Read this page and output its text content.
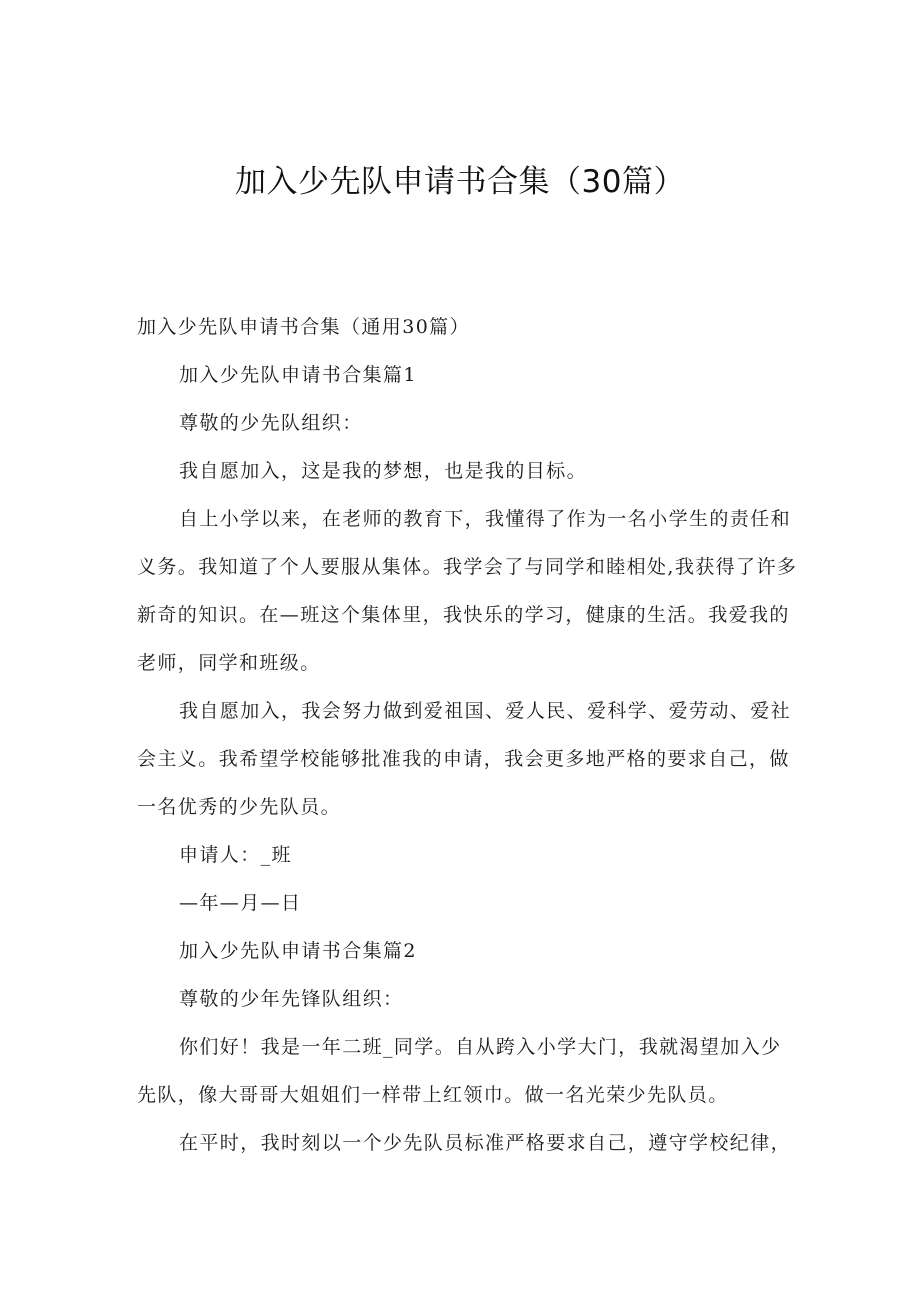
加入少先队申请书合集（30篇）
加入少先队申请书合集（通用30篇）
加入少先队申请书合集篇1
尊敬的少先队组织：
我自愿加入，这是我的梦想，也是我的目标。
自上小学以来，在老师的教育下，我懂得了作为一名小学生的责任和
义务。我知道了个人要服从集体。我学会了与同学和睦相处,我获得了许多
新奇的知识。在—班这个集体里，我快乐的学习，健康的生活。我爱我的
老师，同学和班级。
我自愿加入，我会努力做到爱祖国、爱人民、爱科学、爱劳动、爱社
会主义。我希望学校能够批准我的申请，我会更多地严格的要求自己，做
一名优秀的少先队员。
申请人：_班
—年—月—日
加入少先队申请书合集篇2
尊敬的少年先锋队组织：
你们好！我是一年二班_同学。自从跨入小学大门，我就渴望加入少
先队，像大哥哥大姐姐们一样带上红领巾。做一名光荣少先队员。
在平时，我时刻以一个少先队员标准严格要求自己，遵守学校纪律，
